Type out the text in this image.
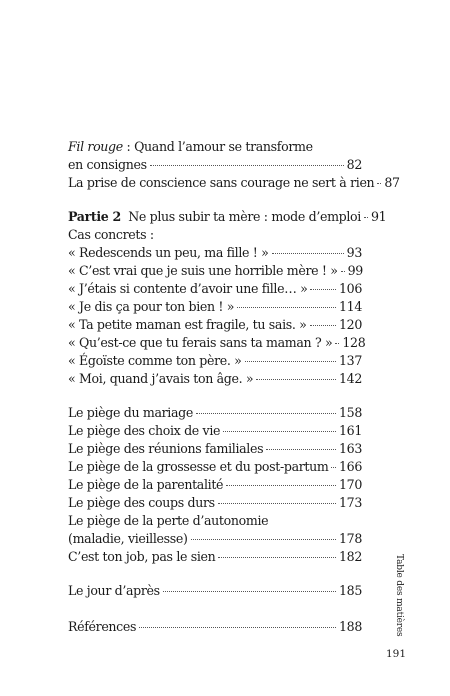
Fil rouge : Quand l’amour se transforme
en consignes	82
La prise de conscience sans courage ne sert à rien 87
Partie 2  Ne plus subir ta mère : mode d’emploi 91
Cas concrets :
« Redescends un peu, ma fille ! »	93
« C’est vrai que je suis une horrible mère ! » 99
« J’étais si contente d’avoir une fille… »	106
« Je dis ça pour ton bien ! »	114
« Ta petite maman est fragile, tu sais. »	120
« Qu’est-ce que tu ferais sans ta maman ? » 128
« Égoïste comme ton père. »	137
« Moi, quand j’avais ton âge. »	142
Le piège du mariage	158
Le piège des choix de vie	161
Le piège des réunions familiales	163
Le piège de la grossesse et du post-partum 166
Le piège de la parentalité	170
Le piège des coups durs	173
Le piège de la perte d’autonomie
(maladie, vieillesse)	178
C’est ton job, pas le sien	182
Le jour d’après	185
Références	188	Table des matières
191
